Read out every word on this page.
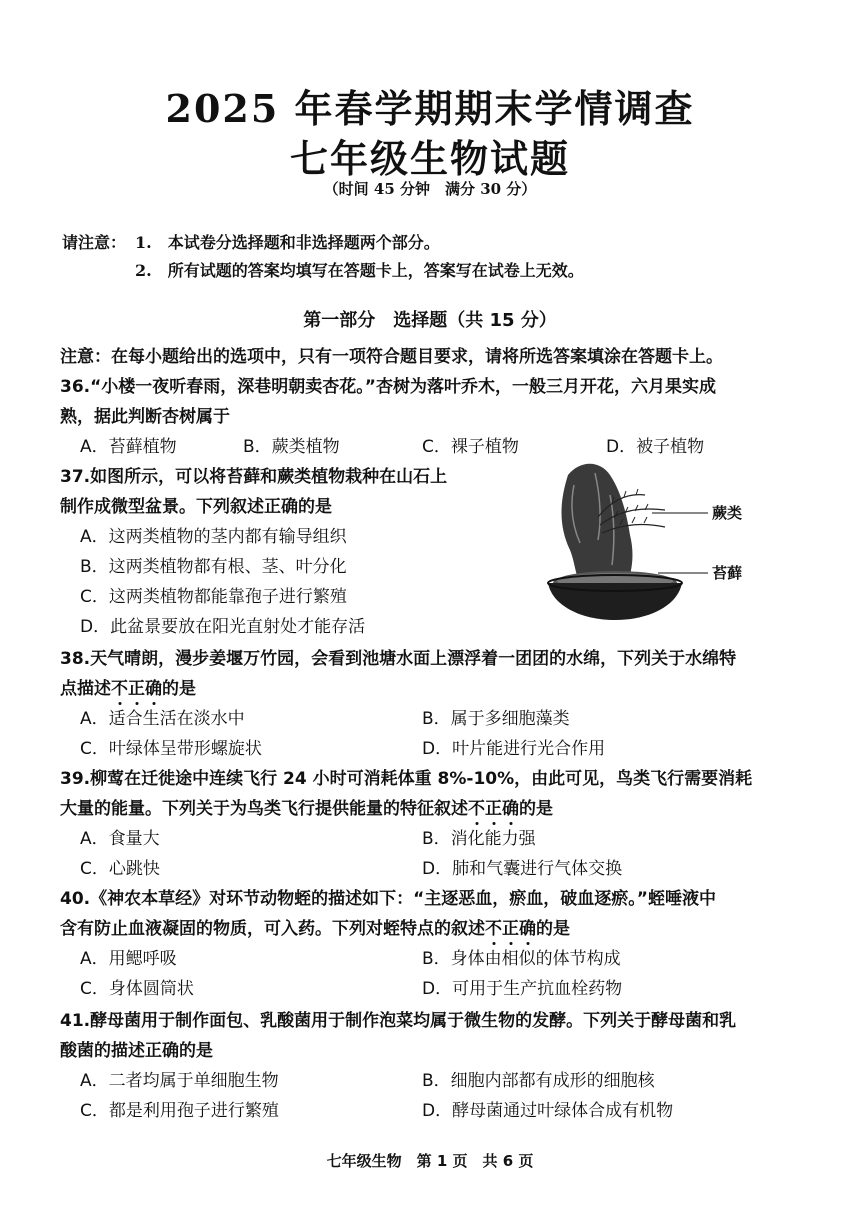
2025 年春学期期末学情调查
七年级生物试题
（时间 45 分钟　满分 30 分）
请注意： 1.　本试卷分选择题和非选择题两个部分。
2.　所有试题的答案均填写在答题卡上，答案写在试卷上无效。
第一部分　选择题（共 15 分）
注意：在每小题给出的选项中，只有一项符合题目要求，请将所选答案填涂在答题卡上。
36.“小楼一夜听春雨，深巷明朝卖杏花。”杏树为落叶乔木，一般三月开花，六月果实成
熟，据此判断杏树属于
A．苔藓植物	B．蕨类植物	C．裸子植物	D．被子植物
37.如图所示，可以将苔藓和蕨类植物栽种在山石上
制作成微型盆景。下列叙述正确的是
A．这两类植物的茎内都有输导组织
B．这两类植物都有根、茎、叶分化
C．这两类植物都能靠孢子进行繁殖
D．此盆景要放在阳光直射处才能存活
蕨类
苔藓
38.天气晴朗，漫步姜堰万竹园，会看到池塘水面上漂浮着一团团的水绵，下列关于水绵特
点描述不正确的是
A．适合生活在淡水中	B．属于多细胞藻类
C．叶绿体呈带形螺旋状	D．叶片能进行光合作用
39.柳莺在迁徙途中连续飞行 24 小时可消耗体重 8%-10%，由此可见，鸟类飞行需要消耗
大量的能量。下列关于为鸟类飞行提供能量的特征叙述不正确的是
A．食量大	B．消化能力强
C．心跳快	D．肺和气囊进行气体交换
40.《神农本草经》对环节动物蛭的描述如下：“主逐恶血，瘀血，破血逐瘀。”蛭唾液中
含有防止血液凝固的物质，可入药。下列对蛭特点的叙述不正确的是
A．用鳃呼吸	B．身体由相似的体节构成
C．身体圆筒状	D．可用于生产抗血栓药物
41.酵母菌用于制作面包、乳酸菌用于制作泡菜均属于微生物的发酵。下列关于酵母菌和乳
酸菌的描述正确的是
A．二者均属于单细胞生物	B．细胞内部都有成形的细胞核
C．都是利用孢子进行繁殖	D．酵母菌通过叶绿体合成有机物
七年级生物　第 1 页　共 6 页
